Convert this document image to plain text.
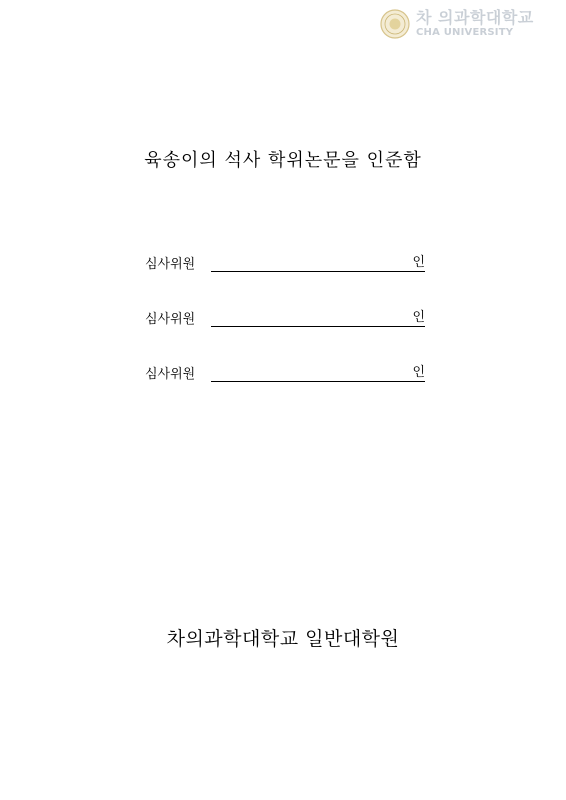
차 의과학대학교
CHA UNIVERSITY
육송이의 석사 학위논문을 인준함
심사위원	인
심사위원	인
심사위원	인
차의과학대학교 일반대학원
